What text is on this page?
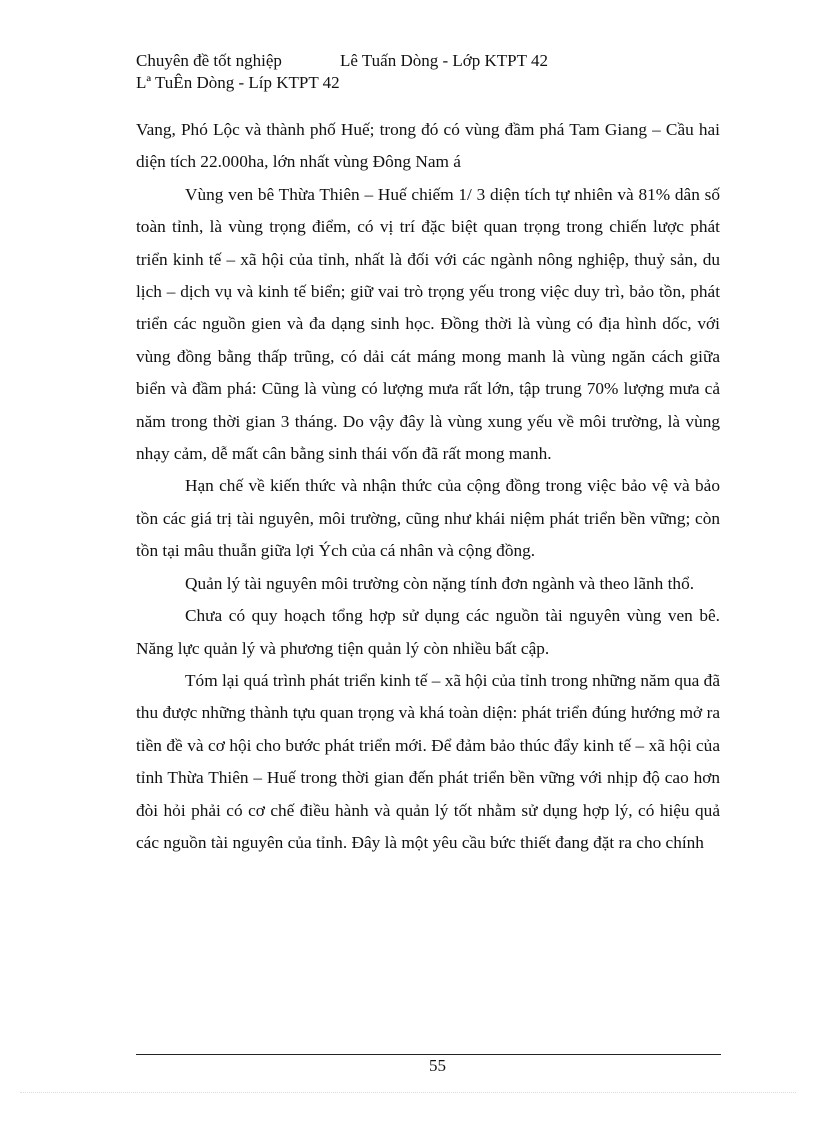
Chuyên đề tốt nghiệp	Lê Tuấn Dòng - Lớp KTPT 42
Lª TuÊn Dòng - Líp KTPT 42

Vang, Phó Lộc và thành phố Huế; trong đó có vùng đầm phá Tam Giang – Cầu hai diện tích 22.000ha, lớn nhất vùng Đông Nam á

Vùng ven bê Thừa Thiên – Huế chiếm 1/ 3 diện tích tự nhiên và 81% dân số toàn tỉnh, là vùng trọng điểm, có vị trí đặc biệt quan trọng trong chiến lược phát triển kinh tế – xã hội của tỉnh, nhất là đối với các ngành nông nghiệp, thuỷ sản, du lịch – dịch vụ và kinh tế biển; giữ vai trò trọng yếu trong việc duy trì, bảo tồn, phát triển các nguồn gien và đa dạng sinh học. Đồng thời là vùng có địa hình dốc, với vùng đồng bằng thấp trũng, có dải cát máng mong manh là vùng ngăn cách giữa biển và đầm phá: Cũng là vùng có lượng mưa rất lớn, tập trung 70% lượng mưa cả năm trong thời gian 3 tháng. Do vậy đây là vùng xung yếu về môi trường, là vùng nhạy cảm, dễ mất cân bằng sinh thái vốn đã rất mong manh.

Hạn chế về kiến thức và nhận thức của cộng đồng trong việc bảo vệ và bảo tồn các giá trị tài nguyên, môi trường, cũng như khái niệm phát triển bền vững; còn tồn tại mâu thuẫn giữa lợi Ých của cá nhân và cộng đồng.

Quản lý tài nguyên môi trường còn nặng tính đơn ngành và theo lãnh thổ.

Chưa có quy hoạch tổng hợp sử dụng các nguồn tài nguyên vùng ven bê. Năng lực quản lý và phương tiện quản lý còn nhiều bất cập.

Tóm lại quá trình phát triển kinh tế – xã hội của tỉnh trong những năm qua đã thu được những thành tựu quan trọng và khá toàn diện: phát triển đúng hướng mở ra tiền đề và cơ hội cho bước phát triển mới. Để đảm bảo thúc đẩy kinh tế – xã hội của tỉnh Thừa Thiên – Huế trong thời gian đến phát triển bền vững với nhịp độ cao hơn đòi hỏi phải có cơ chế điều hành và quản lý tốt nhằm sử dụng hợp lý, có hiệu quả các nguồn tài nguyên của tỉnh. Đây là một yêu cầu bức thiết đang đặt ra cho chính

55
